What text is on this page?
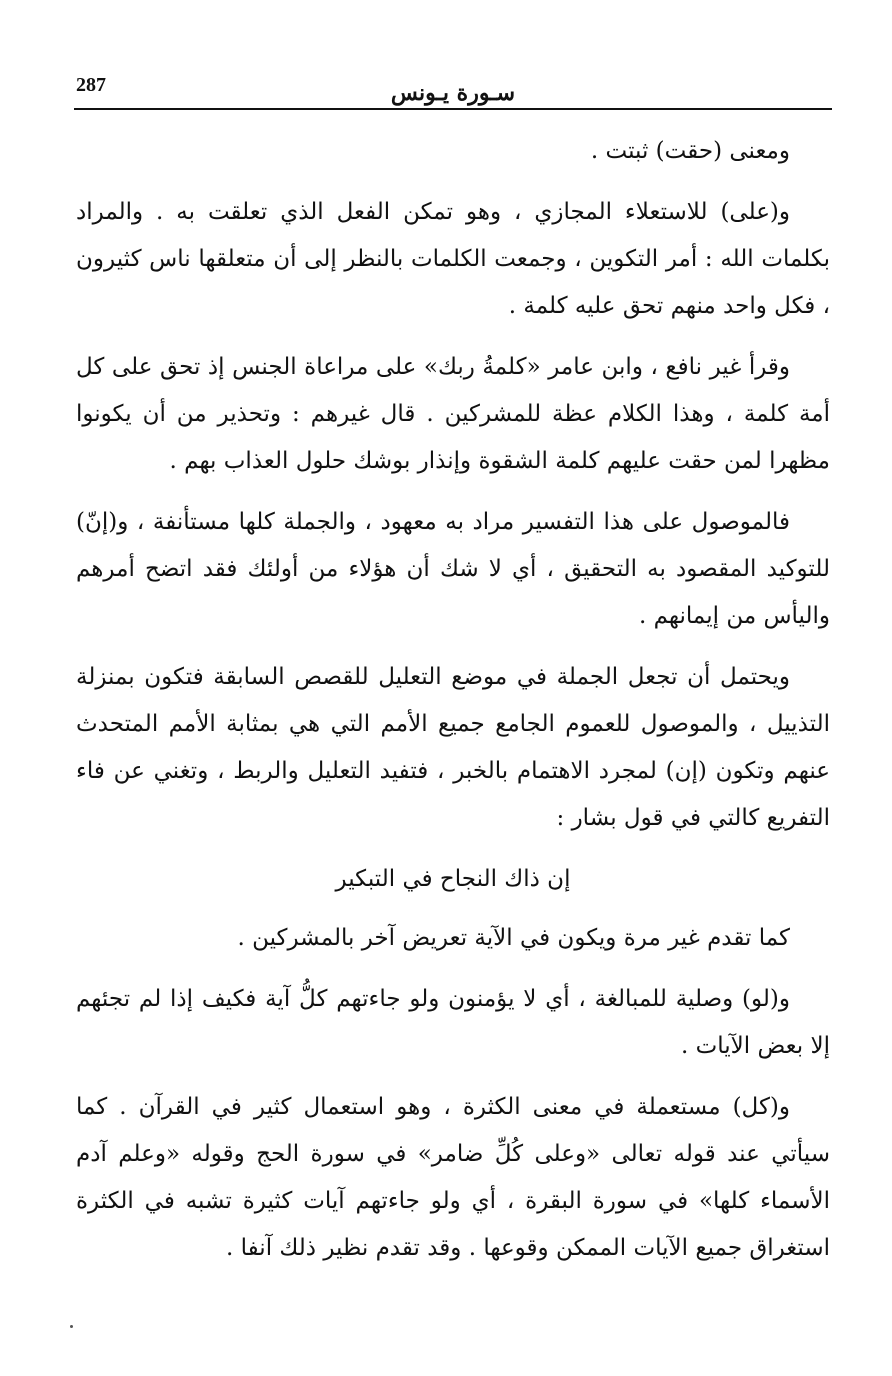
287	سـورة يـونس

ومعنى (حقت) ثبتت .

و(على) للاستعلاء المجازي ، وهو تمكن الفعل الذي تعلقت به . والمراد بكلمات الله : أمر التكوين ، وجمعت الكلمات بالنظر إلى أن متعلقها ناس كثيرون ، فكل واحد منهم تحق عليه كلمة .

وقرأ غير نافع ، وابن عامر «كلمةُ ربك» على مراعاة الجنس إذ تحق على كل أمة كلمة ، وهذا الكلام عظة للمشركين . قال غيرهم : وتحذير من أن يكونوا مظهرا لمن حقت عليهم كلمة الشقوة وإنذار بوشك حلول العذاب بهم .

فالموصول على هذا التفسير مراد به معهود ، والجملة كلها مستأنفة ، و(إنّ) للتوكيد المقصود به التحقيق ، أي لا شك أن هؤلاء من أولئك فقد اتضح أمرهم واليأس من إيمانهم .

ويحتمل أن تجعل الجملة في موضع التعليل للقصص السابقة فتكون بمنزلة التذييل ، والموصول للعموم الجامع جميع الأمم التي هي بمثابة الأمم المتحدث عنهم وتكون (إن) لمجرد الاهتمام بالخبر ، فتفيد التعليل والربط ، وتغني عن فاء التفريع كالتي في قول بشار :

إن ذاك النجاح في التبكير

كما تقدم غير مرة ويكون في الآية تعريض آخر بالمشركين .

و(لو) وصلية للمبالغة ، أي لا يؤمنون ولو جاءتهم كلُّ آية فكيف إذا لم تجئهم إلا بعض الآيات .

و(كل) مستعملة في معنى الكثرة ، وهو استعمال كثير في القرآن . كما سيأتي عند قوله تعالى «وعلى كُلِّ ضامر» في سورة الحج وقوله «وعلم آدم الأسماء كلها» في سورة البقرة ، أي ولو جاءتهم آيات كثيرة تشبه في الكثرة استغراق جميع الآيات الممكن وقوعها . وقد تقدم نظير ذلك آنفا .
